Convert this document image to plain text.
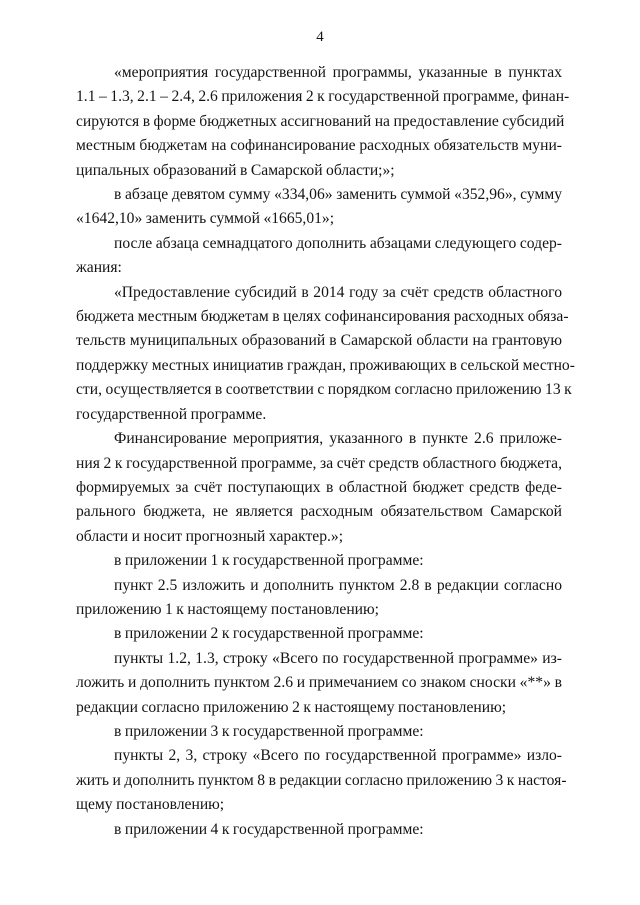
4

«мероприятия государственной программы, указанные в пунктах
1.1 – 1.3, 2.1 – 2.4, 2.6 приложения 2 к государственной программе, финан-
сируются в форме бюджетных ассигнований на предоставление субсидий
местным бюджетам на софинансирование расходных обязательств муни-
ципальных образований в Самарской области;»;

в абзаце девятом сумму «334,06» заменить суммой «352,96», сумму
«1642,10» заменить суммой «1665,01»;

после абзаца семнадцатого дополнить абзацами следующего содер-
жания:

«Предоставление субсидий в 2014 году за счёт средств областного
бюджета местным бюджетам в целях софинансирования расходных обяза-
тельств муниципальных образований в Самарской области на грантовую
поддержку местных инициатив граждан, проживающих в сельской местно-
сти, осуществляется в соответствии с порядком согласно приложению 13 к
государственной программе.

Финансирование мероприятия, указанного в пункте 2.6 приложе-
ния 2 к государственной программе, за счёт средств областного бюджета,
формируемых за счёт поступающих в областной бюджет средств феде-
рального бюджета, не является расходным обязательством Самарской
области и носит прогнозный характер.»;

в приложении 1 к государственной программе:

пункт 2.5 изложить и дополнить пунктом 2.8 в редакции согласно
приложению 1 к настоящему постановлению;

в приложении 2 к государственной программе:

пункты 1.2, 1.3, строку «Всего по государственной программе» из-
ложить и дополнить пунктом 2.6 и примечанием со знаком сноски «**» в
редакции согласно приложению 2 к настоящему постановлению;

в приложении 3 к государственной программе:

пункты 2, 3, строку «Всего по государственной программе» изло-
жить и дополнить пунктом 8 в редакции согласно приложению 3 к настоя-
щему постановлению;

в приложении 4 к государственной программе:
